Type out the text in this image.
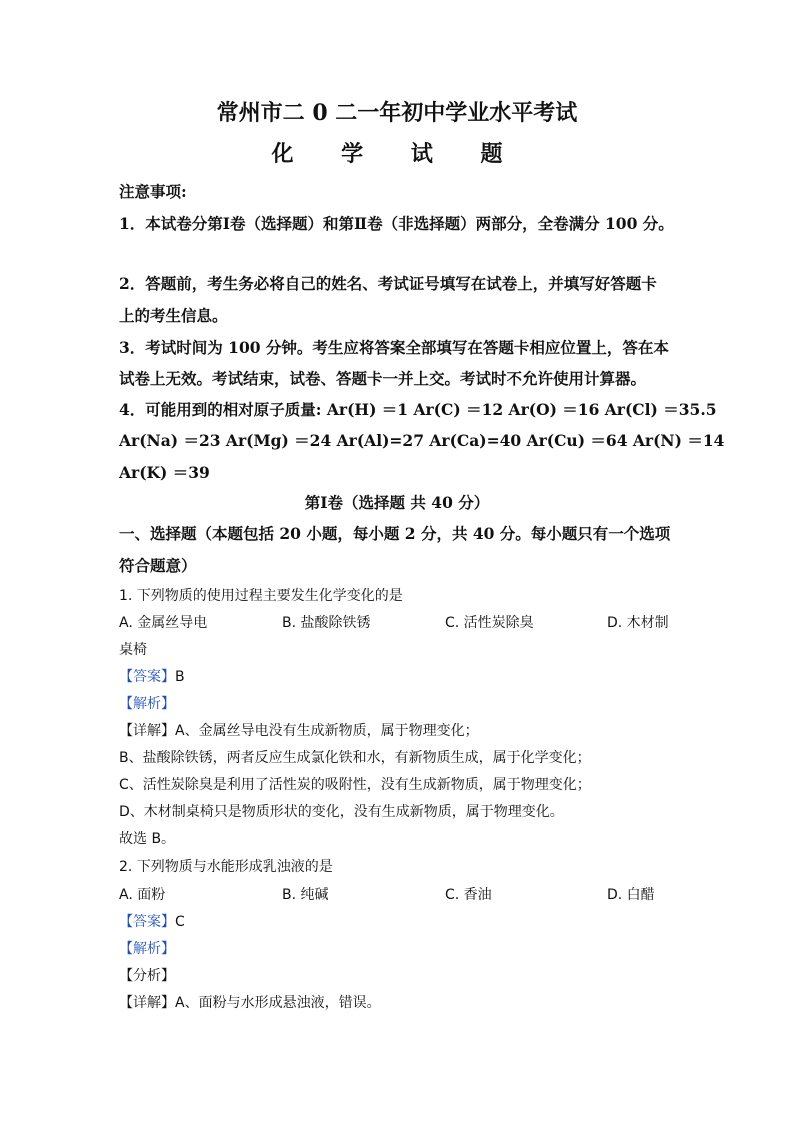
常州市二 0 二一年初中学业水平考试
化 学 试 题
注意事项:
1．本试卷分第Ⅰ卷（选择题）和第Ⅱ卷（非选择题）两部分，全卷满分 100 分。
2．答题前，考生务必将自己的姓名、考试证号填写在试卷上，并填写好答题卡
上的考生信息。
3．考试时间为 100 分钟。考生应将答案全部填写在答题卡相应位置上，答在本
试卷上无效。考试结束，试卷、答题卡一并上交。考试时不允许使用计算器。
4．可能用到的相对原子质量: Ar(H) ＝1 Ar(C) ＝12 Ar(O) ＝16 Ar(Cl) ＝35.5
Ar(Na) ＝23 Ar(Mg) ＝24 Ar(Al)=27 Ar(Ca)=40 Ar(Cu) ＝64 Ar(N) ＝14
Ar(K) ＝39
第Ⅰ卷（选择题 共 40 分）
一、选择题（本题包括 20 小题，每小题 2 分，共 40 分。每小题只有一个选项
符合题意）
1. 下列物质的使用过程主要发生化学变化的是
A. 金属丝导电	B. 盐酸除铁锈	C. 活性炭除臭	D. 木材制
桌椅
【答案】B
【解析】
【详解】A、金属丝导电没有生成新物质，属于物理变化；
B、盐酸除铁锈，两者反应生成氯化铁和水，有新物质生成，属于化学变化；
C、活性炭除臭是利用了活性炭的吸附性，没有生成新物质，属于物理变化；
D、木材制桌椅只是物质形状的变化，没有生成新物质，属于物理变化。
故选 B。
2. 下列物质与水能形成乳浊液的是
A. 面粉	B. 纯碱	C. 香油	D. 白醋
【答案】C
【解析】
【分析】
【详解】A、面粉与水形成悬浊液，错误。
